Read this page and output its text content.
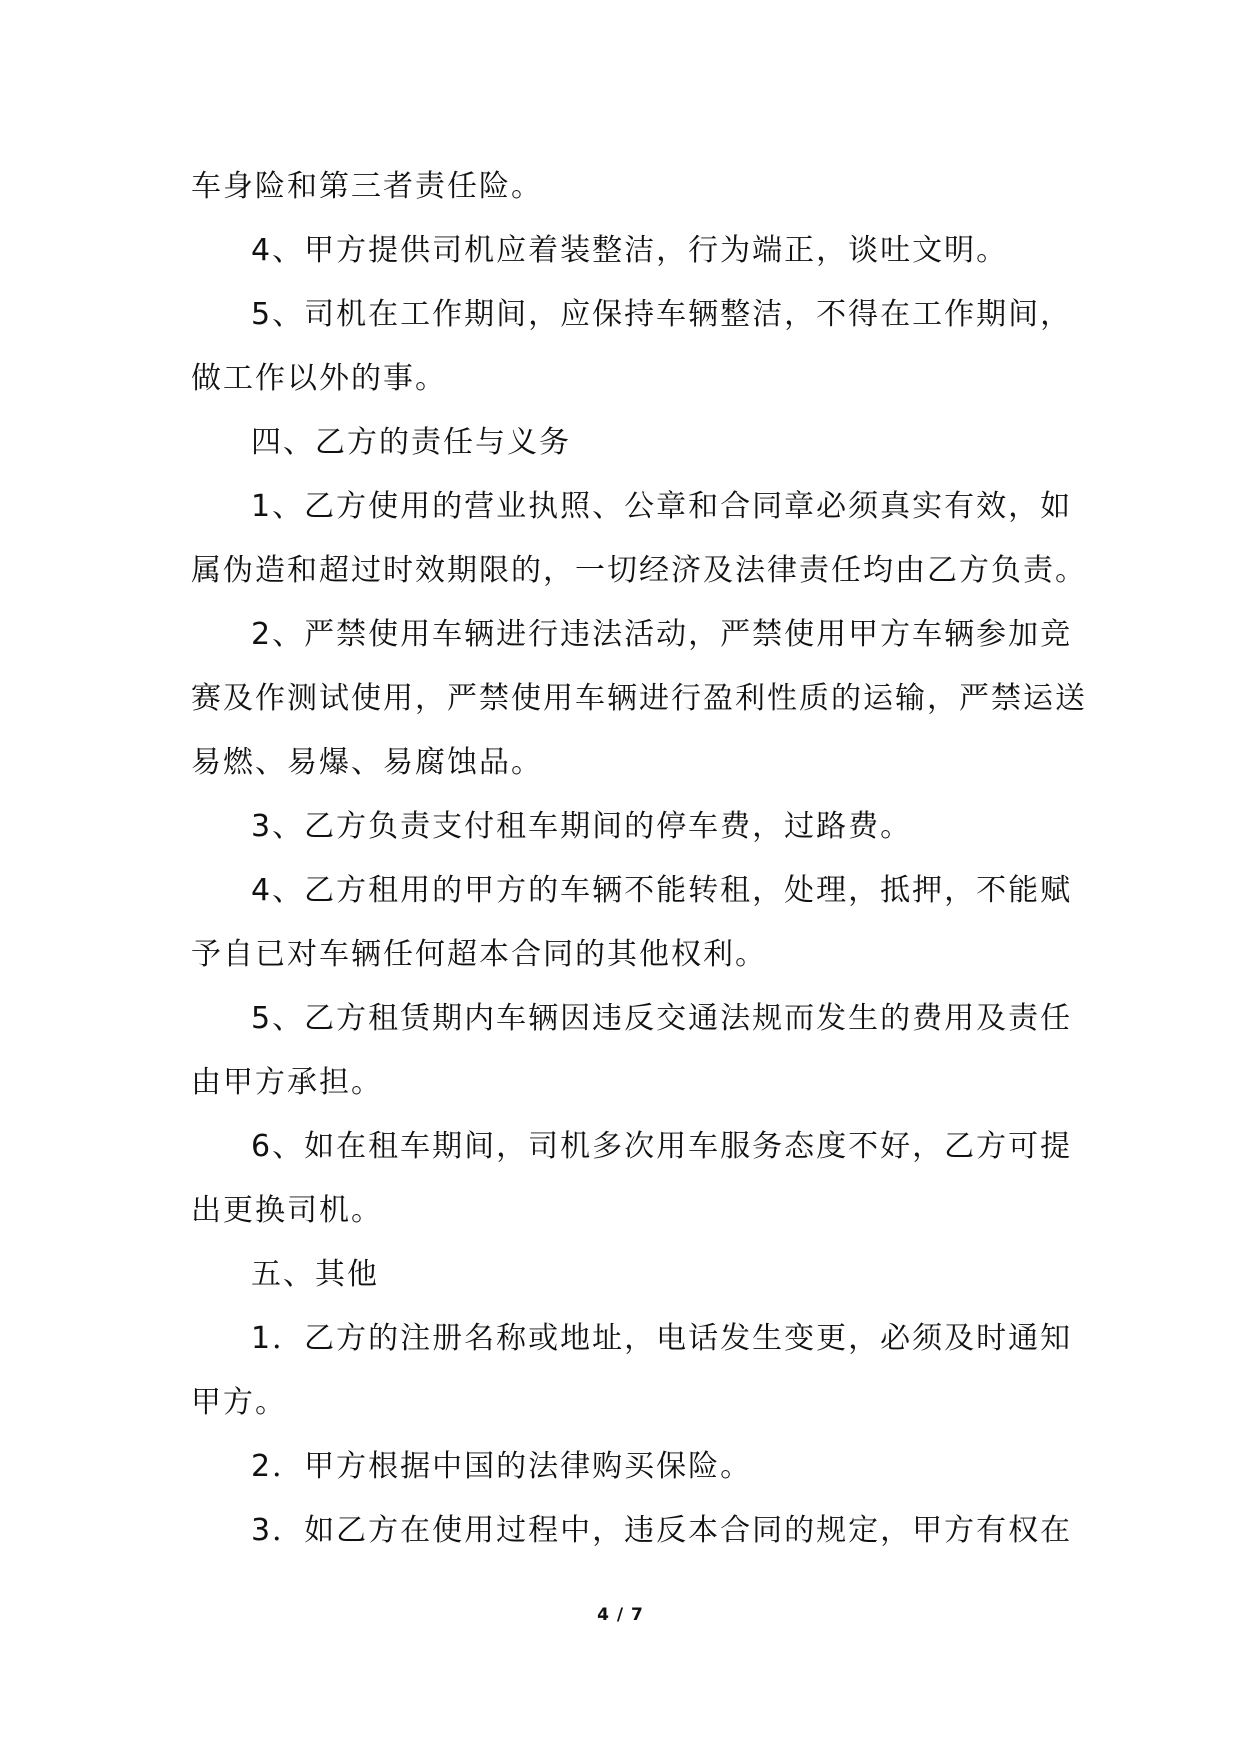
车身险和第三者责任险。

4、甲方提供司机应着装整洁，行为端正，谈吐文明。

5、司机在工作期间，应保持车辆整洁，不得在工作期间，

做工作以外的事。

四、乙方的责任与义务

1、乙方使用的营业执照、公章和合同章必须真实有效，如

属伪造和超过时效期限的，一切经济及法律责任均由乙方负责。

2、严禁使用车辆进行违法活动，严禁使用甲方车辆参加竞

赛及作测试使用，严禁使用车辆进行盈利性质的运输，严禁运送

易燃、易爆、易腐蚀品。

3、乙方负责支付租车期间的停车费，过路费。

4、乙方租用的甲方的车辆不能转租，处理，抵押，不能赋

予自已对车辆任何超本合同的其他权利。

5、乙方租赁期内车辆因违反交通法规而发生的费用及责任

由甲方承担。

6、如在租车期间，司机多次用车服务态度不好，乙方可提

出更换司机。

五、其他

1．乙方的注册名称或地址，电话发生变更，必须及时通知

甲方。

2．甲方根据中国的法律购买保险。

3．如乙方在使用过程中，违反本合同的规定，甲方有权在

4 / 7
